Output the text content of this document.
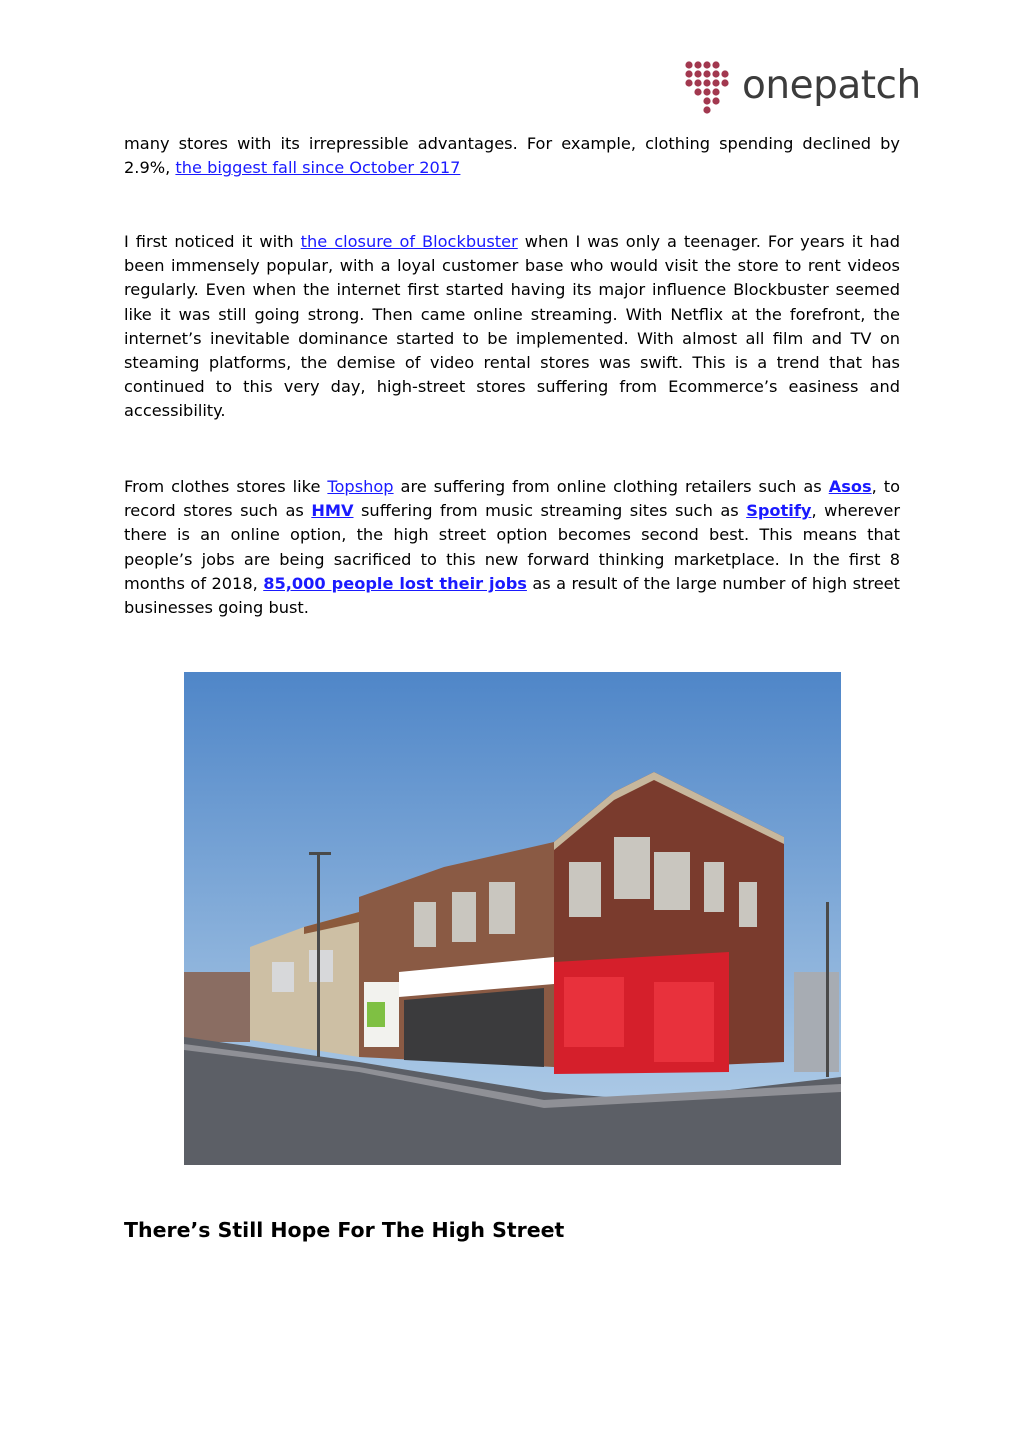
onepatch

many stores with its irrepressible advantages. For example, clothing spending declined by 2.9%, the biggest fall since October 2017

I first noticed it with the closure of Blockbuster when I was only a teenager. For years it had been immensely popular, with a loyal customer base who would visit the store to rent videos regularly. Even when the internet first started having its major influence Blockbuster seemed like it was still going strong. Then came online streaming. With Netflix at the forefront, the internet’s inevitable dominance started to be implemented. With almost all film and TV on steaming platforms, the demise of video rental stores was swift. This is a trend that has continued to this very day, high-street stores suffering from Ecommerce’s easiness and accessibility.

From clothes stores like Topshop are suffering from online clothing retailers such as Asos, to record stores such as HMV suffering from music streaming sites such as Spotify, wherever there is an online option, the high street option becomes second best. This means that people’s jobs are being sacrificed to this new forward thinking marketplace. In the first 8 months of 2018, 85,000 people lost their jobs as a result of the large number of high street businesses going bust.

There’s Still Hope For The High Street
